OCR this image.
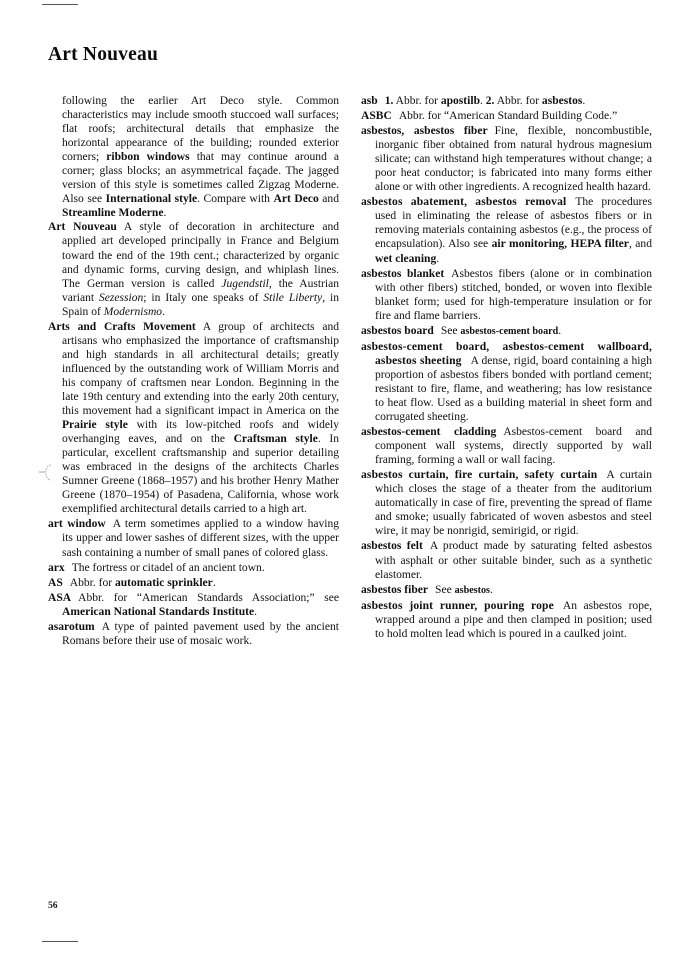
Art Nouveau

following the earlier Art Deco style. Common characteristics may include smooth stuccoed wall surfaces; flat roofs; architectural details that emphasize the horizontal appearance of the building; rounded exterior corners; ribbon windows that may continue around a corner; glass blocks; an asymmetrical façade. The jagged version of this style is sometimes called Zigzag Moderne. Also see International style. Compare with Art Deco and Streamline Moderne.

Art Nouveau A style of decoration in architecture and applied art developed principally in France and Belgium toward the end of the 19th cent.; characterized by organic and dynamic forms, curving design, and whiplash lines. The German version is called Jugendstil, the Austrian variant Sezession; in Italy one speaks of Stile Liberty, in Spain of Modernismo.

Arts and Crafts Movement A group of architects and artisans who emphasized the importance of craftsmanship and high standards in all architectural details; greatly influenced by the outstanding work of William Morris and his company of craftsmen near London. Beginning in the late 19th century and extending into the early 20th century, this movement had a significant impact in America on the Prairie style with its low-pitched roofs and widely overhanging eaves, and on the Craftsman style. In particular, excellent craftsmanship and superior detailing was embraced in the designs of the architects Charles Sumner Greene (1868–1957) and his brother Henry Mather Greene (1870–1954) of Pasadena, California, whose work exemplified architectural details carried to a high art.

art window A term sometimes applied to a window having its upper and lower sashes of different sizes, with the upper sash containing a number of small panes of colored glass.

arx The fortress or citadel of an ancient town.

AS Abbr. for automatic sprinkler.

ASA Abbr. for “American Standards Association;” see American National Standards Institute.

asarotum A type of painted pavement used by the ancient Romans before their use of mosaic work.

asb 1. Abbr. for apostilb. 2. Abbr. for asbestos.

ASBC Abbr. for “American Standard Building Code.”

asbestos, asbestos fiber Fine, flexible, noncombustible, inorganic fiber obtained from natural hydrous magnesium silicate; can withstand high temperatures without change; a poor heat conductor; is fabricated into many forms either alone or with other ingredients. A recognized health hazard.

asbestos abatement, asbestos removal The procedures used in eliminating the release of asbestos fibers or in removing materials containing asbestos (e.g., the process of encapsulation). Also see air monitoring, HEPA filter, and wet cleaning.

asbestos blanket Asbestos fibers (alone or in combination with other fibers) stitched, bonded, or woven into flexible blanket form; used for high-temperature insulation or for fire and flame barriers.

asbestos board See asbestos-cement board.

asbestos-cement board, asbestos-cement wallboard, asbestos sheeting A dense, rigid, board containing a high proportion of asbestos fibers bonded with portland cement; resistant to fire, flame, and weathering; has low resistance to heat flow. Used as a building material in sheet form and corrugated sheeting.

asbestos-cement cladding Asbestos-cement board and component wall systems, directly supported by wall framing, forming a wall or wall facing.

asbestos curtain, fire curtain, safety curtain A curtain which closes the stage of a theater from the auditorium automatically in case of fire, preventing the spread of flame and smoke; usually fabricated of woven asbestos and steel wire, it may be nonrigid, semirigid, or rigid.

asbestos felt A product made by saturating felted asbestos with asphalt or other suitable binder, such as a synthetic elastomer.

asbestos fiber See asbestos.

asbestos joint runner, pouring rope An asbestos rope, wrapped around a pipe and then clamped in position; used to hold molten lead which is poured in a caulked joint.

56
